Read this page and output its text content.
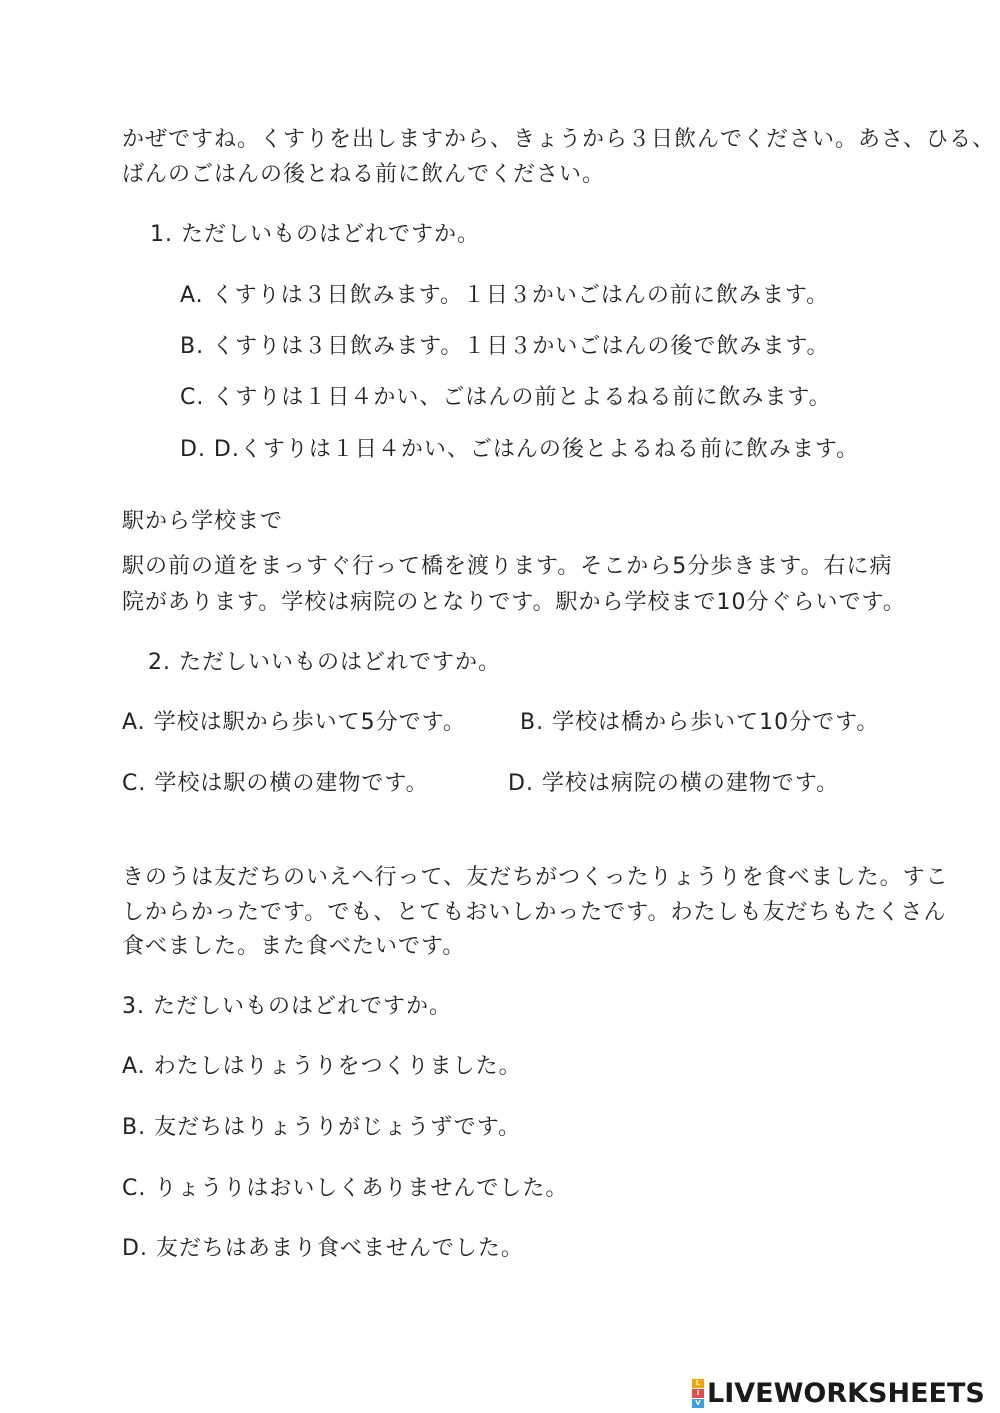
かぜですね。くすりを出しますから、きょうから３日飲んでください。あさ、ひる、
ばんのごはんの後とねる前に飲んでください。
1. ただしいものはどれですか。
A. くすりは３日飲みます。１日３かいごはんの前に飲みます。
B. くすりは３日飲みます。１日３かいごはんの後で飲みます。
C. くすりは１日４かい、ごはんの前とよるねる前に飲みます。
D. D.くすりは１日４かい、ごはんの後とよるねる前に飲みます。
駅から学校まで
駅の前の道をまっすぐ行って橋を渡ります。そこから5分歩きます。右に病
院があります。学校は病院のとなりです。駅から学校まで10分ぐらいです。
2. ただしいいものはどれですか。
A. 学校は駅から歩いて5分です。 B. 学校は橋から歩いて10分です。
C. 学校は駅の横の建物です。	D. 学校は病院の横の建物です。
きのうは友だちのいえへ行って、友だちがつくったりょうりを食べました。すこ
しからかったです。でも、とてもおいしかったです。わたしも友だちもたくさん
食べました。また食べたいです。
3. ただしいものはどれですか。
A. わたしはりょうりをつくりました。
B. 友だちはりょうりがじょうずです。
C. りょうりはおいしくありませんでした。
D. 友だちはあまり食べませんでした。
L
I
V LIVEWORKSHEETS
